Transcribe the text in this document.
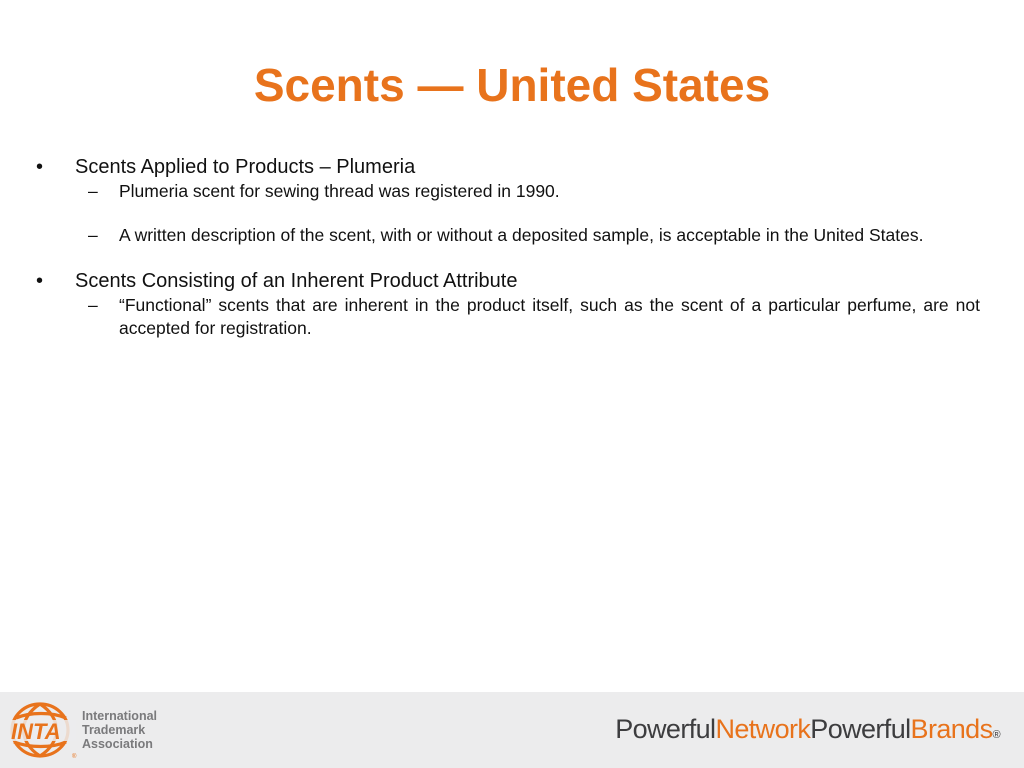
Scents — United States
• Scents Applied to Products – Plumeria
– Plumeria scent for sewing thread was registered in 1990.
– A written description of the scent, with or without a deposited sample, is acceptable in the United States.
• Scents Consisting of an Inherent Product Attribute
– “Functional” scents that are inherent in the product itself, such as the scent of a particular perfume, are not accepted for registration.
INTA
®
International
Trademark
Association	PowerfulNetworkPowerfulBrands®
